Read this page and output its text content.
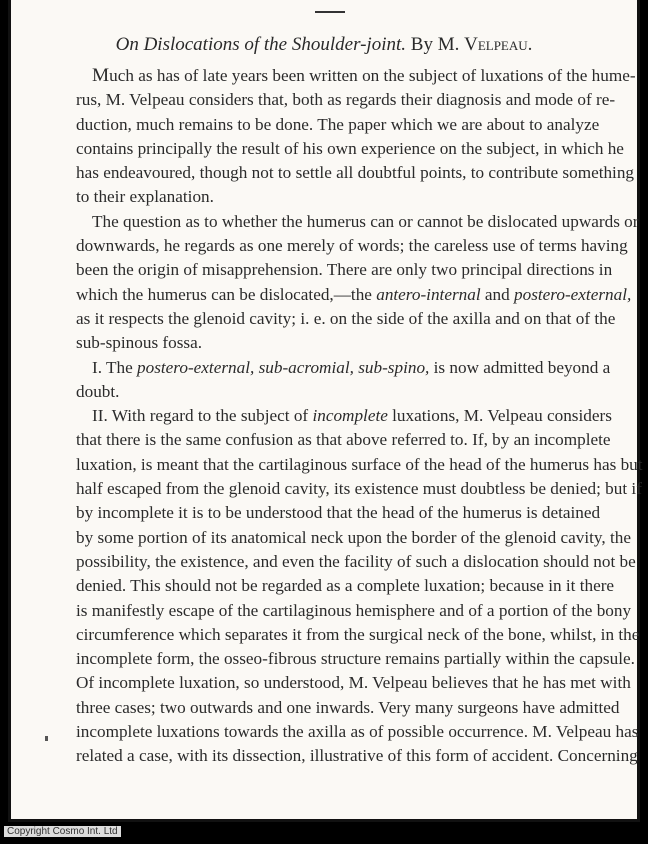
On Dislocations of the Shoulder-joint. By M. Velpeau.
Much as has of late years been written on the subject of luxations of the hume-
rus, M. Velpeau considers that, both as regards their diagnosis and mode of re-
duction, much remains to be done. The paper which we are about to analyze
contains principally the result of his own experience on the subject, in which he
has endeavoured, though not to settle all doubtful points, to contribute something
to their explanation.
The question as to whether the humerus can or cannot be dislocated upwards or
downwards, he regards as one merely of words; the careless use of terms having
been the origin of misapprehension. There are only two principal directions in
which the humerus can be dislocated,—the antero-internal and postero-external,
as it respects the glenoid cavity; i. e. on the side of the axilla and on that of the
sub-spinous fossa.
I. The postero-external, sub-acromial, sub-spino, is now admitted beyond a
doubt.
II. With regard to the subject of incomplete luxations, M. Velpeau considers
that there is the same confusion as that above referred to. If, by an incomplete
luxation, is meant that the cartilaginous surface of the head of the humerus has but
half escaped from the glenoid cavity, its existence must doubtless be denied; but if
by incomplete it is to be understood that the head of the humerus is detained
by some portion of its anatomical neck upon the border of the glenoid cavity, the
possibility, the existence, and even the facility of such a dislocation should not be
denied. This should not be regarded as a complete luxation; because in it there
is manifestly escape of the cartilaginous hemisphere and of a portion of the bony
circumference which separates it from the surgical neck of the bone, whilst, in the
incomplete form, the osseo-fibrous structure remains partially within the capsule.
Of incomplete luxation, so understood, M. Velpeau believes that he has met with
three cases; two outwards and one inwards. Very many surgeons have admitted
incomplete luxations towards the axilla as of possible occurrence. M. Velpeau has
related a case, with its dissection, illustrative of this form of accident. Concerning
Copyright Cosmo Int. Ltd
